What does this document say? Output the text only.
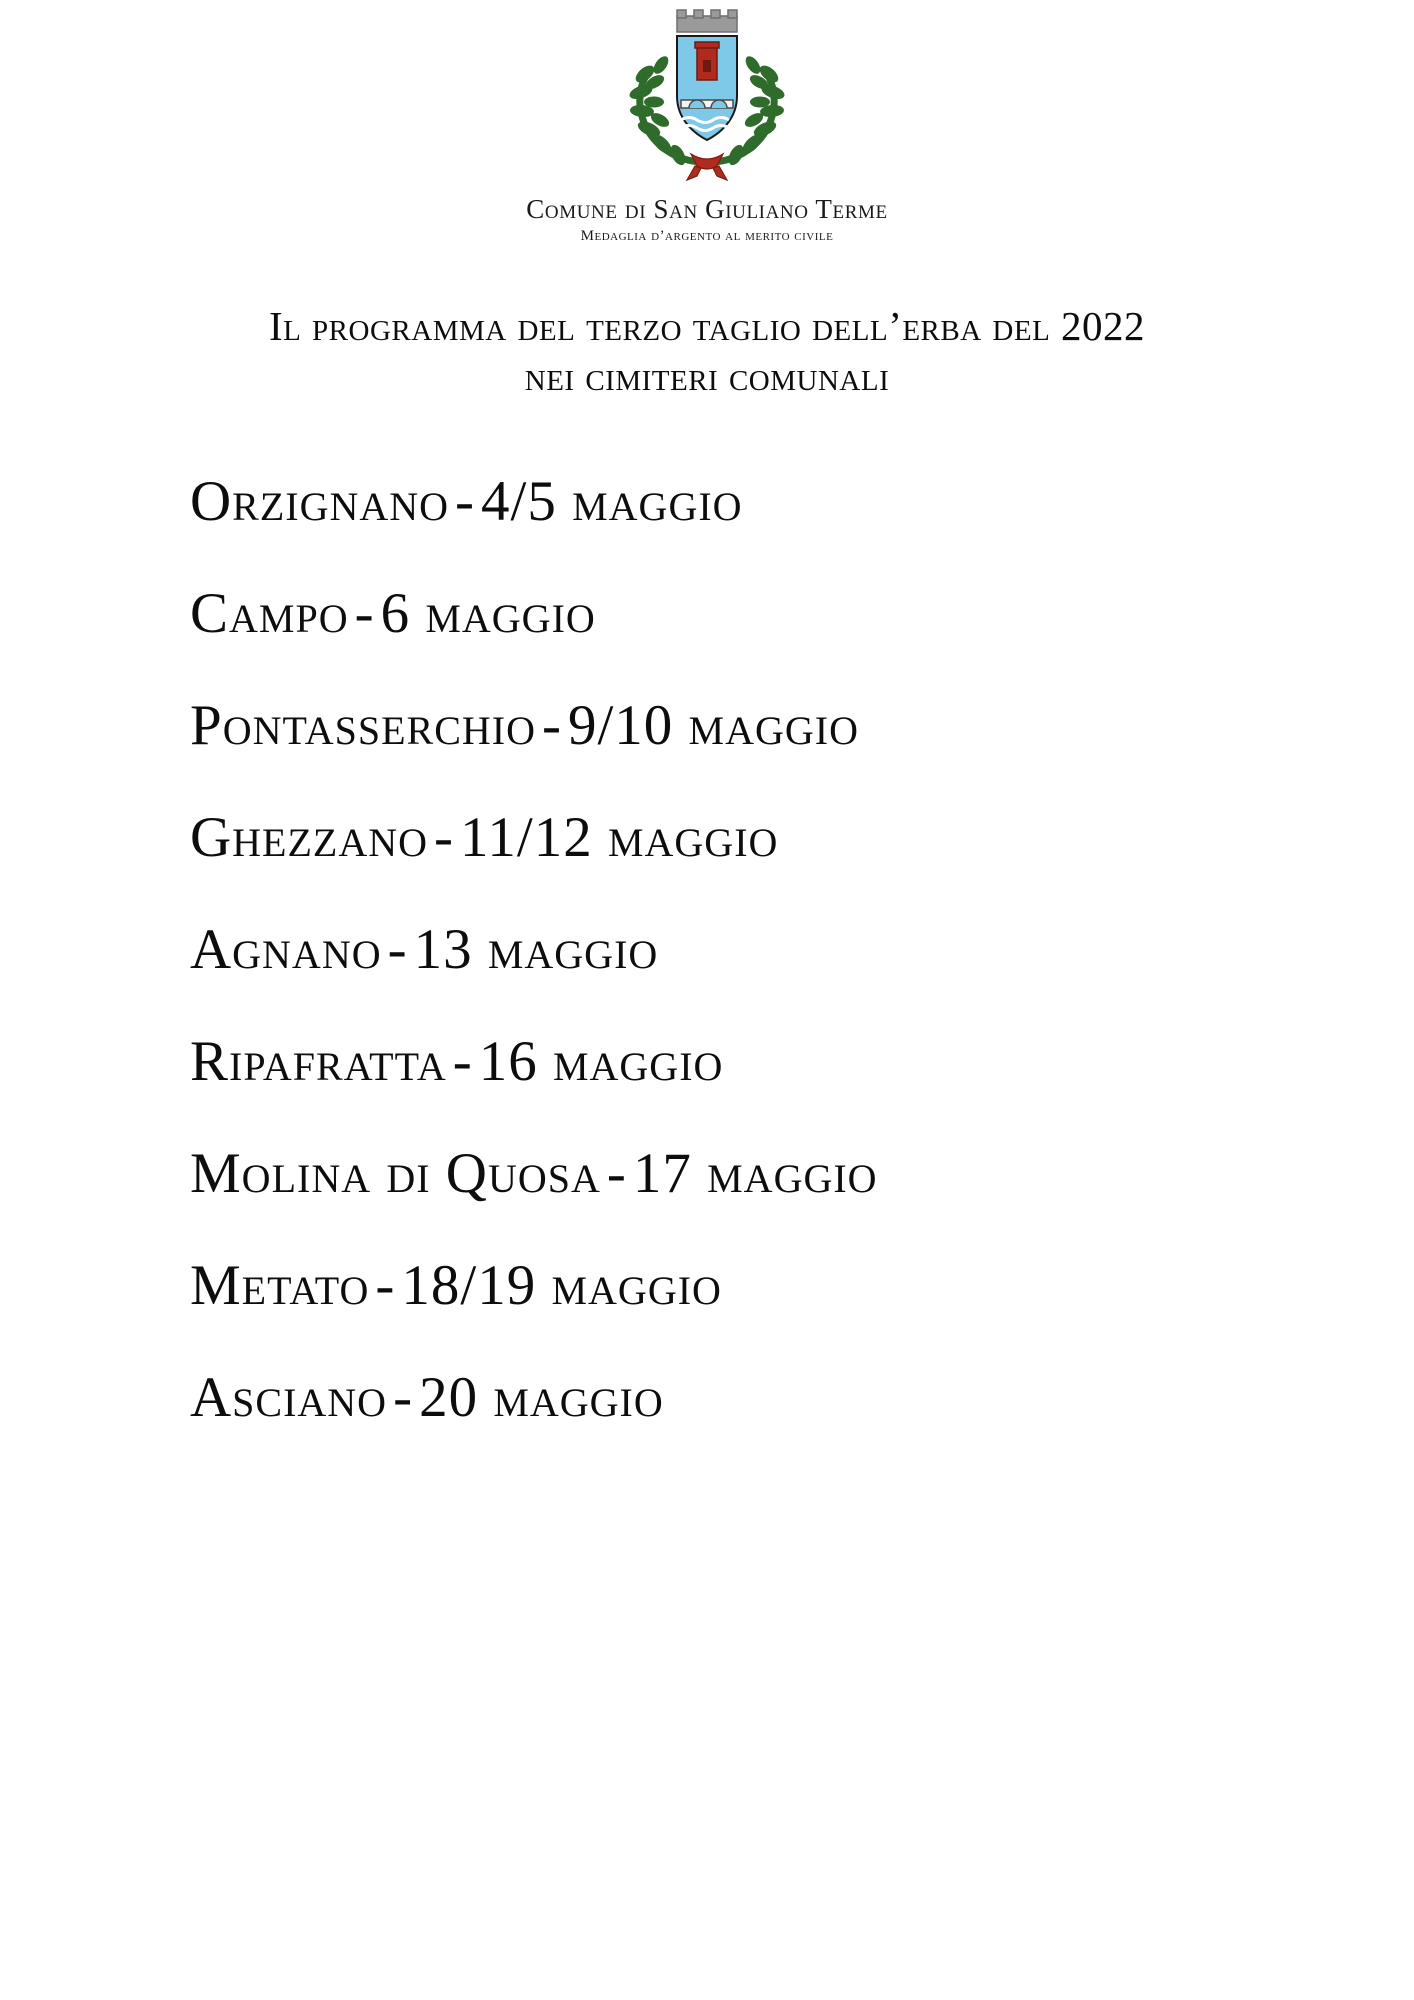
Comune di San Giuliano Terme
Medaglia d’argento al merito civile
Il programma del terzo taglio dell’erba del 2022
nei cimiteri comunali
Orzignano - 4/5 maggio
Campo - 6 maggio
Pontasserchio - 9/10 maggio
Ghezzano - 11/12 maggio
Agnano - 13 maggio
Ripafratta - 16 maggio
Molina di Quosa - 17 maggio
Metato - 18/19 maggio
Asciano - 20 maggio
